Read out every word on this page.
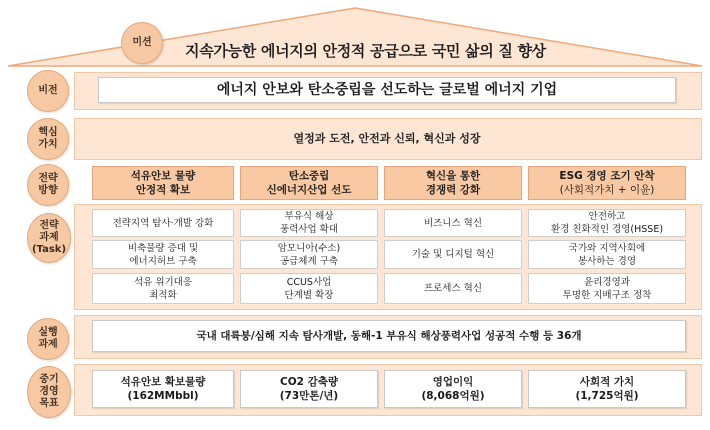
미션 지속가능한 에너지의 안정적 공급으로 국민 삶의 질 향상
비전	에너지 안보와 탄소중립을 선도하는 글로벌 에너지 기업
핵심
가치	열정과 도전, 안전과 신뢰, 혁신과 성장
전략
방향
석유안보 물량
안정적 확보
탄소중립
신에너지산업 선도
혁신을 통한
경쟁력 강화
ESG 경영 조기 안착
(사회적가치 + 이윤)
전략
과제
(Task)
전략지역 탐사·개발 강화
비축물량 증대 및
에너지허브 구축
석유 위기대응
최적화
부유식 해상
풍력사업 확대
암모니아(수소)
공급체계 구축
CCUS사업
단계별 확장
비즈니스 혁신
기술 및 디지털 혁신
프로세스 혁신
안전하고
환경 친화적인 경영(HSSE)
국가와 지역사회에
봉사하는 경영
윤리경영과
투명한 지배구조 정착
실행
과제
국내 대륙붕/심해 지속 탐사개발, 동해-1 부유식 해상풍력사업 성공적 수행 등 36개
중기
경영
목표
석유안보 확보물량
(162MMbbl)
CO2 감축량
(73만톤/년)
영업이익
(8,068억원)
사회적 가치
(1,725억원)
